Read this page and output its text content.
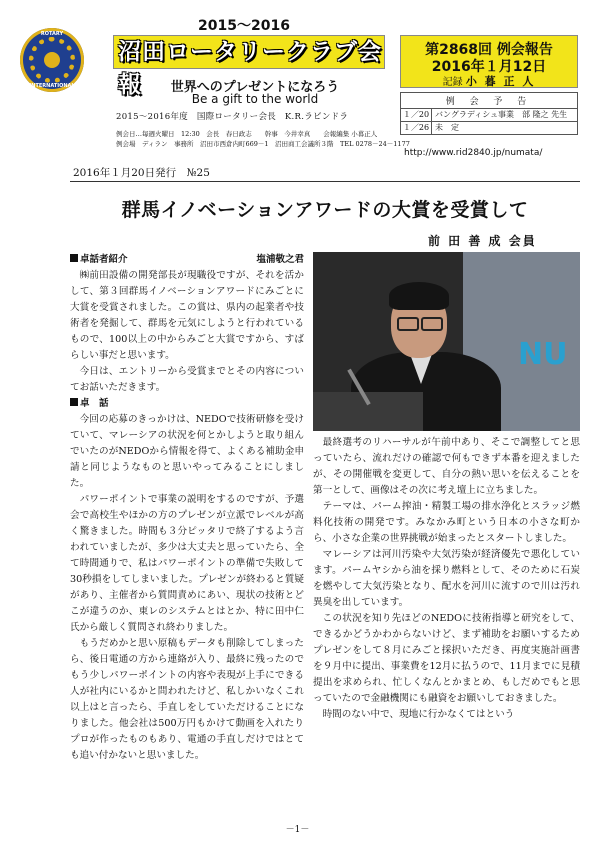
ROTARY
INTERNATIONAL
2015～2016
沼田ロータリークラブ会報	世界へのプレゼントになろう
Be a gift to the world
2015～2016年度　国際ロータリー会長　K.R.ラビンドラ
例会日…毎週火曜日　12:30　会長　春日政志　　幹事　今井幸真　　会報編集 小暮正人
例会場　ディラン　事務所　沼田市西倉内町669－1　沼田商工会議所３階　TEL 0278－24－1177
第2868回 例会報告
2016年１月12日
記録 小 暮 正 人
例 会 予 告
１／20 バングラディシュ事業　部 隆之 先生
１／26 未　定
http://www.rid2840.jp/numata/
2016年１月20日発行　№25
群馬イノベーションアワードの大賞を受賞して
前 田 善 成 会員
卓話者紹介	塩浦敬之君

㈱前田設備の開発部長が現職役ですが、それを活かして、第３回群馬イノベーションアワードにみごとに大賞を受賞されました。この賞は、県内の起業者や技術者を発掘して、群馬を元気にしようと行われているもので、100以上の中からみごと大賞ですから、すばらしい事だと思います。

今日は、エントリーから受賞までとその内容についてお話いただきます。

卓　話

今回の応募のきっかけは、NEDOで技術研修を受けていて、マレーシアの状況を何とかしようと取り組んでいたのがNEDOから情報を得て、よくある補助金申請と同じようなものと思いやってみることにしました。

パワーポイントで事業の説明をするのですが、予選会で高校生やほかの方のプレゼンが立派でレベルが高く驚きました。時間も３分ピッタリで終了するよう言われていましたが、多少は大丈夫と思っていたら、全て時間通りで、私はパワーポイントの準備で失敗して30秒損をしてしまいました。プレゼンが終わると質疑があり、主催者から質問責めにあい、現状の技術とどこが違うのか、東レのシステムとはとか、特に田中仁氏から厳しく質問され終わりました。

もうだめかと思い原稿もデータも削除してしまったら、後日電通の方から連絡が入り、最終に残ったのでもう少しパワーポイントの内容や表現が上手にできる人が社内にいるかと問われたけど、私しかいなくこれ以上はと言ったら、手直しをしていただけることになりました。他会社は500万円もかけて動画を入れたりプロが作ったものもあり、電通の手直しだけではとても追い付かないと思いました。

NU

最終選考のリハーサルが午前中あり、そこで調整してと思っていたら、流れだけの確認で何もできず本番を迎えましたが、その開催戦を変更して、自分の熱い思いを伝えることを第一として、画像はその次に考え壇上に立ちました。

テーマは、パーム搾油・精製工場の排水浄化とスラッジ燃料化技術の開発です。みなかみ町という日本の小さな町から、小さな企業の世界挑戦が始まったとスタートしました。

マレーシアは河川汚染や大気汚染が経済優先で悪化しています。パームヤシから油を採り燃料として、そのために石炭を燃やして大気汚染となり、配水を河川に流すので川は汚れ異臭を出しています。

この状況を知り先ほどのNEDOに技術指導と研究をして、できるかどうかわからないけど、まず補助をお願いするためプレゼンをして８月にみごと採択いただき、再度実施計画書を９月中に提出、事業費を12月に払うので、11月までに見積提出を求められ、忙しくなんとかまとめ、もしだめでもと思っていたので金融機関にも融資をお願いしておきました。

時間のない中で、現地に行かなくてはという

－1－
